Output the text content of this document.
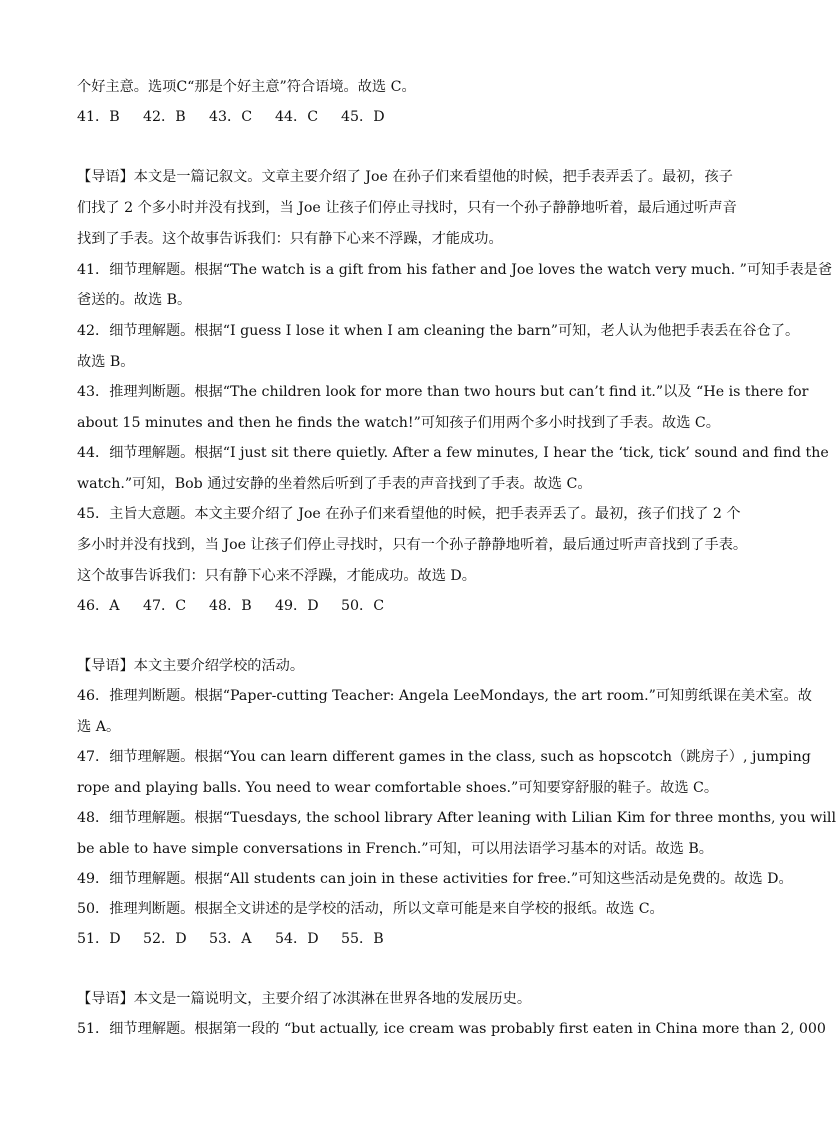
个好主意。选项C“那是个好主意”符合语境。故选 C。
41．B 42．B 43．C 44．C 45．D
【导语】本文是一篇记叙文。文章主要介绍了 Joe 在孙子们来看望他的时候，把手表弄丢了。最初，孩子
们找了 2 个多小时并没有找到，当 Joe 让孩子们停止寻找时，只有一个孙子静静地听着，最后通过听声音
找到了手表。这个故事告诉我们：只有静下心来不浮躁，才能成功。
41．细节理解题。根据“The watch is a gift from his father and Joe loves the watch very much. ”可知手表是爸
爸送的。故选 B。
42．细节理解题。根据“I guess I lose it when I am cleaning the barn”可知，老人认为他把手表丢在谷仓了。
故选 B。
43．推理判断题。根据“The children look for more than two hours but can’t find it.”以及 “He is there for
about 15 minutes and then he finds the watch!”可知孩子们用两个多小时找到了手表。故选 C。
44．细节理解题。根据“I just sit there quietly. After a few minutes, I hear the ‘tick, tick’ sound and find the
watch.”可知，Bob 通过安静的坐着然后听到了手表的声音找到了手表。故选 C。
45．主旨大意题。本文主要介绍了 Joe 在孙子们来看望他的时候，把手表弄丢了。最初，孩子们找了 2 个
多小时并没有找到，当 Joe 让孩子们停止寻找时，只有一个孙子静静地听着，最后通过听声音找到了手表。
这个故事告诉我们：只有静下心来不浮躁，才能成功。故选 D。
46．A 47．C 48．B 49．D 50．C
【导语】本文主要介绍学校的活动。
46．推理判断题。根据“Paper-cutting Teacher: Angela LeeMondays, the art room.”可知剪纸课在美术室。故
选 A。
47．细节理解题。根据“You can learn different games in the class, such as hopscotch（跳房子）, jumping
rope and playing balls. You need to wear comfortable shoes.”可知要穿舒服的鞋子。故选 C。
48．细节理解题。根据“Tuesdays, the school library After leaning with Lilian Kim for three months, you will
be able to have simple conversations in French.”可知，可以用法语学习基本的对话。故选 B。
49．细节理解题。根据“All students can join in these activities for free.”可知这些活动是免费的。故选 D。
50．推理判断题。根据全文讲述的是学校的活动，所以文章可能是来自学校的报纸。故选 C。
51．D 52．D 53．A 54．D 55．B
【导语】本文是一篇说明文，主要介绍了冰淇淋在世界各地的发展历史。
51．细节理解题。根据第一段的 “but actually, ice cream was probably first eaten in China more than 2, 000
